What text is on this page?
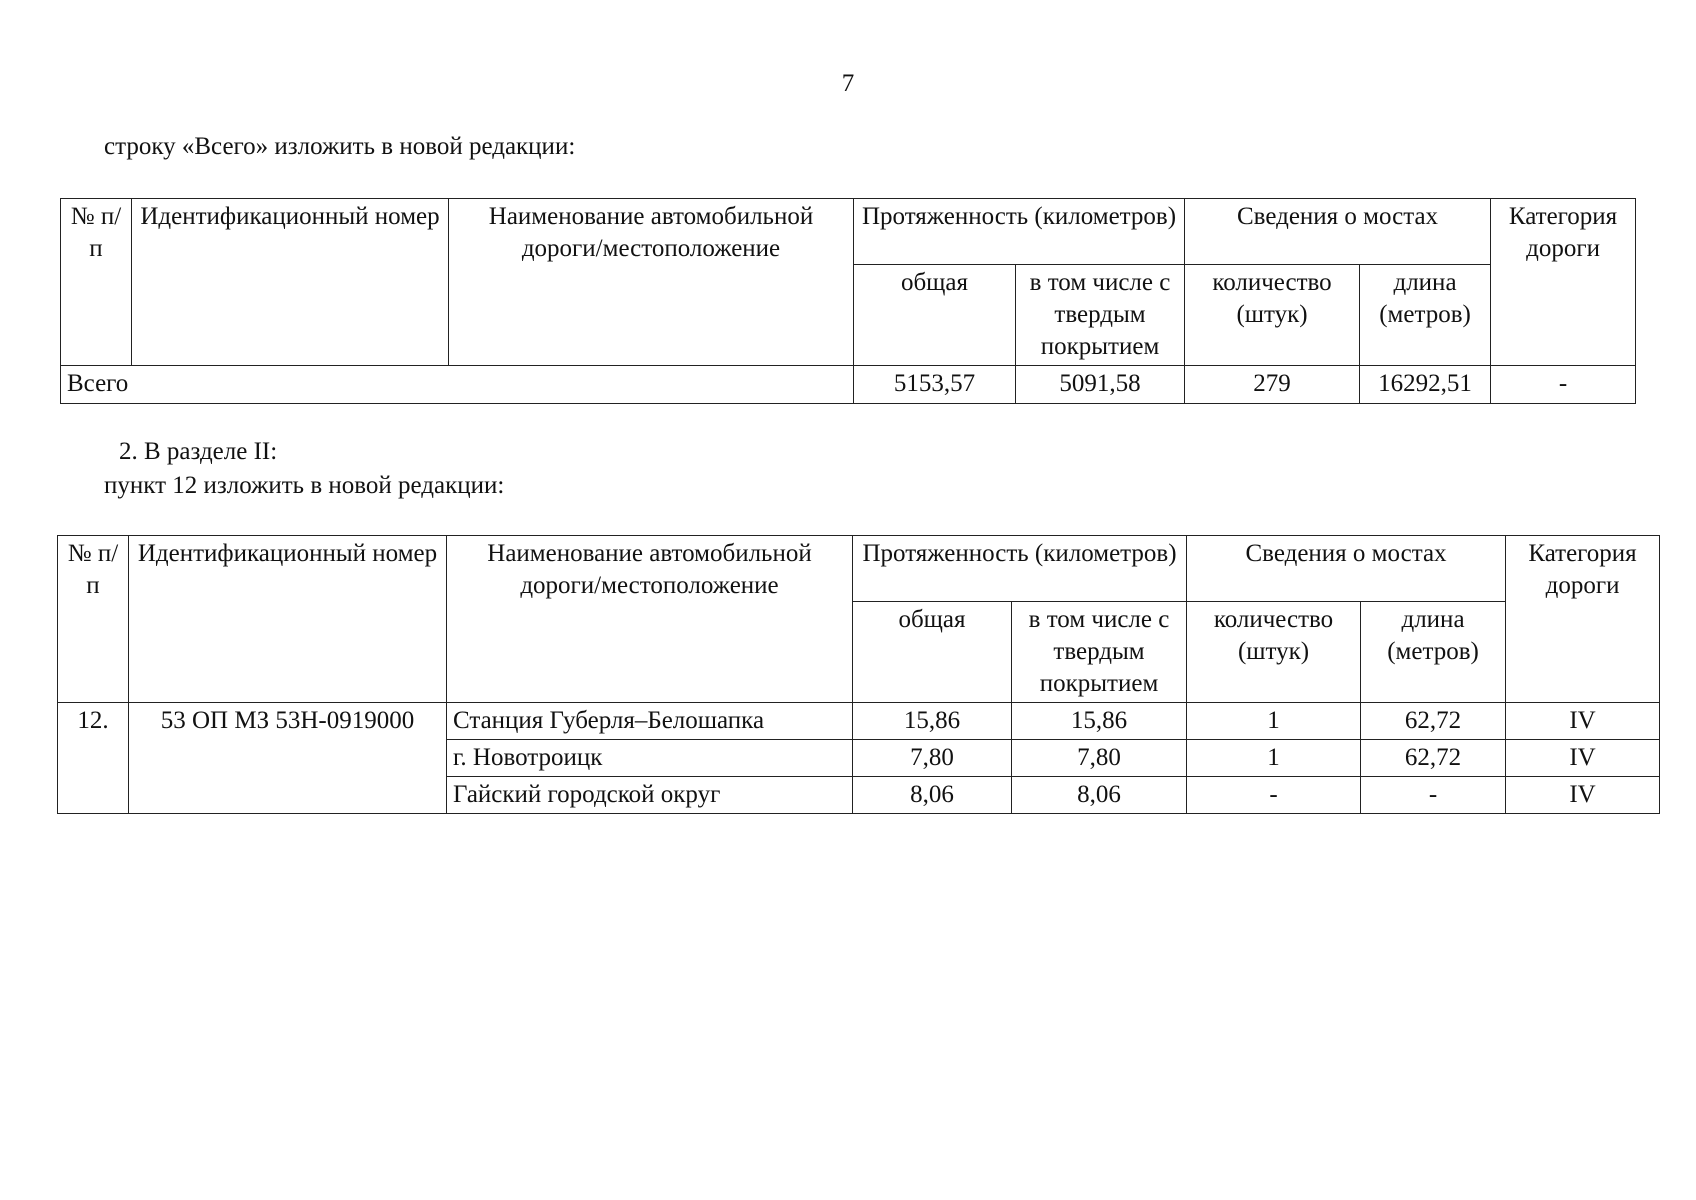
7
строку «Всего» изложить в новой редакции:
№ п/п	Идентификационный номер	Наименование автомобильной дороги/местоположение	Протяженность (километров)		Сведения о мостах		Категория дороги
			общая	в том числе с твердым покрытием	количество (штук)	длина (метров)	
Всего			5153,57	5091,58	279	16292,51	-
2. В разделе II:
пункт 12 изложить в новой редакции:
№ п/п	Идентификационный номер	Наименование автомобильной дороги/местоположение	Протяженность (километров)		Сведения о мостах		Категория дороги
			общая	в том числе с твердым покрытием	количество (штук)	длина (метров)	
12.	53 ОП МЗ 53Н-0919000	Станция Губерля–Белошапка	15,86	15,86	1	62,72	IV
		г. Новотроицк	7,80	7,80	1	62,72	IV
		Гайский городской округ	8,06	8,06	-	-	IV
